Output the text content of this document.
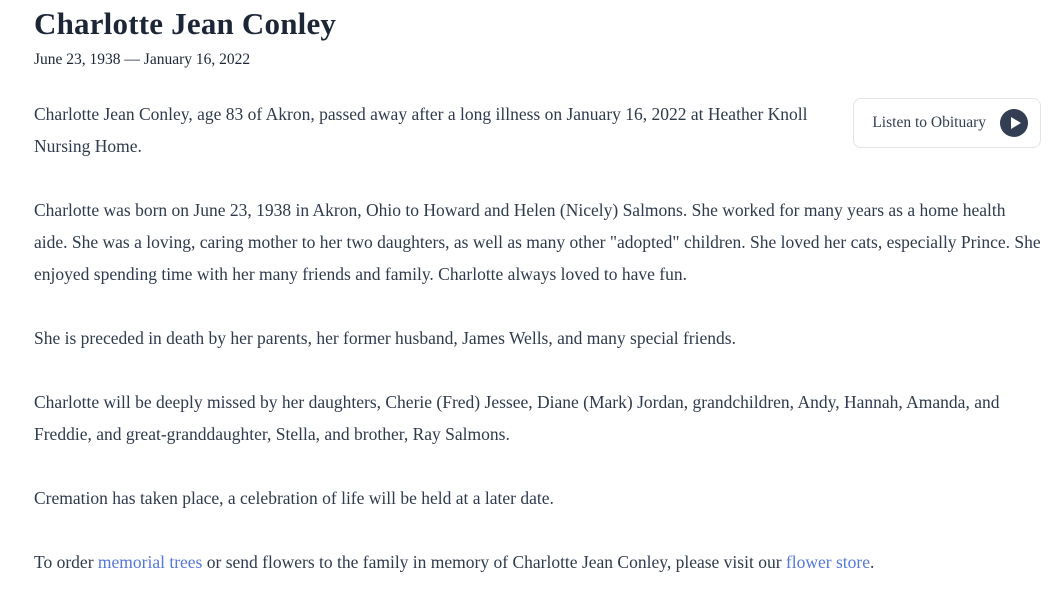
Charlotte Jean Conley
June 23, 1938 — January 16, 2022
Listen to Obituary

Charlotte Jean Conley, age 83 of Akron, passed away after a long illness on January 16, 2022 at Heather Knoll Nursing Home.

Charlotte was born on June 23, 1938 in Akron, Ohio to Howard and Helen (Nicely) Salmons. She worked for many years as a home health aide. She was a loving, caring mother to her two daughters, as well as many other "adopted" children. She loved her cats, especially Prince. She enjoyed spending time with her many friends and family. Charlotte always loved to have fun.

She is preceded in death by her parents, her former husband, James Wells, and many special friends.

Charlotte will be deeply missed by her daughters, Cherie (Fred) Jessee, Diane (Mark) Jordan, grandchildren, Andy, Hannah, Amanda, and Freddie, and great-granddaughter, Stella, and brother, Ray Salmons.

Cremation has taken place, a celebration of life will be held at a later date.

To order memorial trees or send flowers to the family in memory of Charlotte Jean Conley, please visit our flower store.
